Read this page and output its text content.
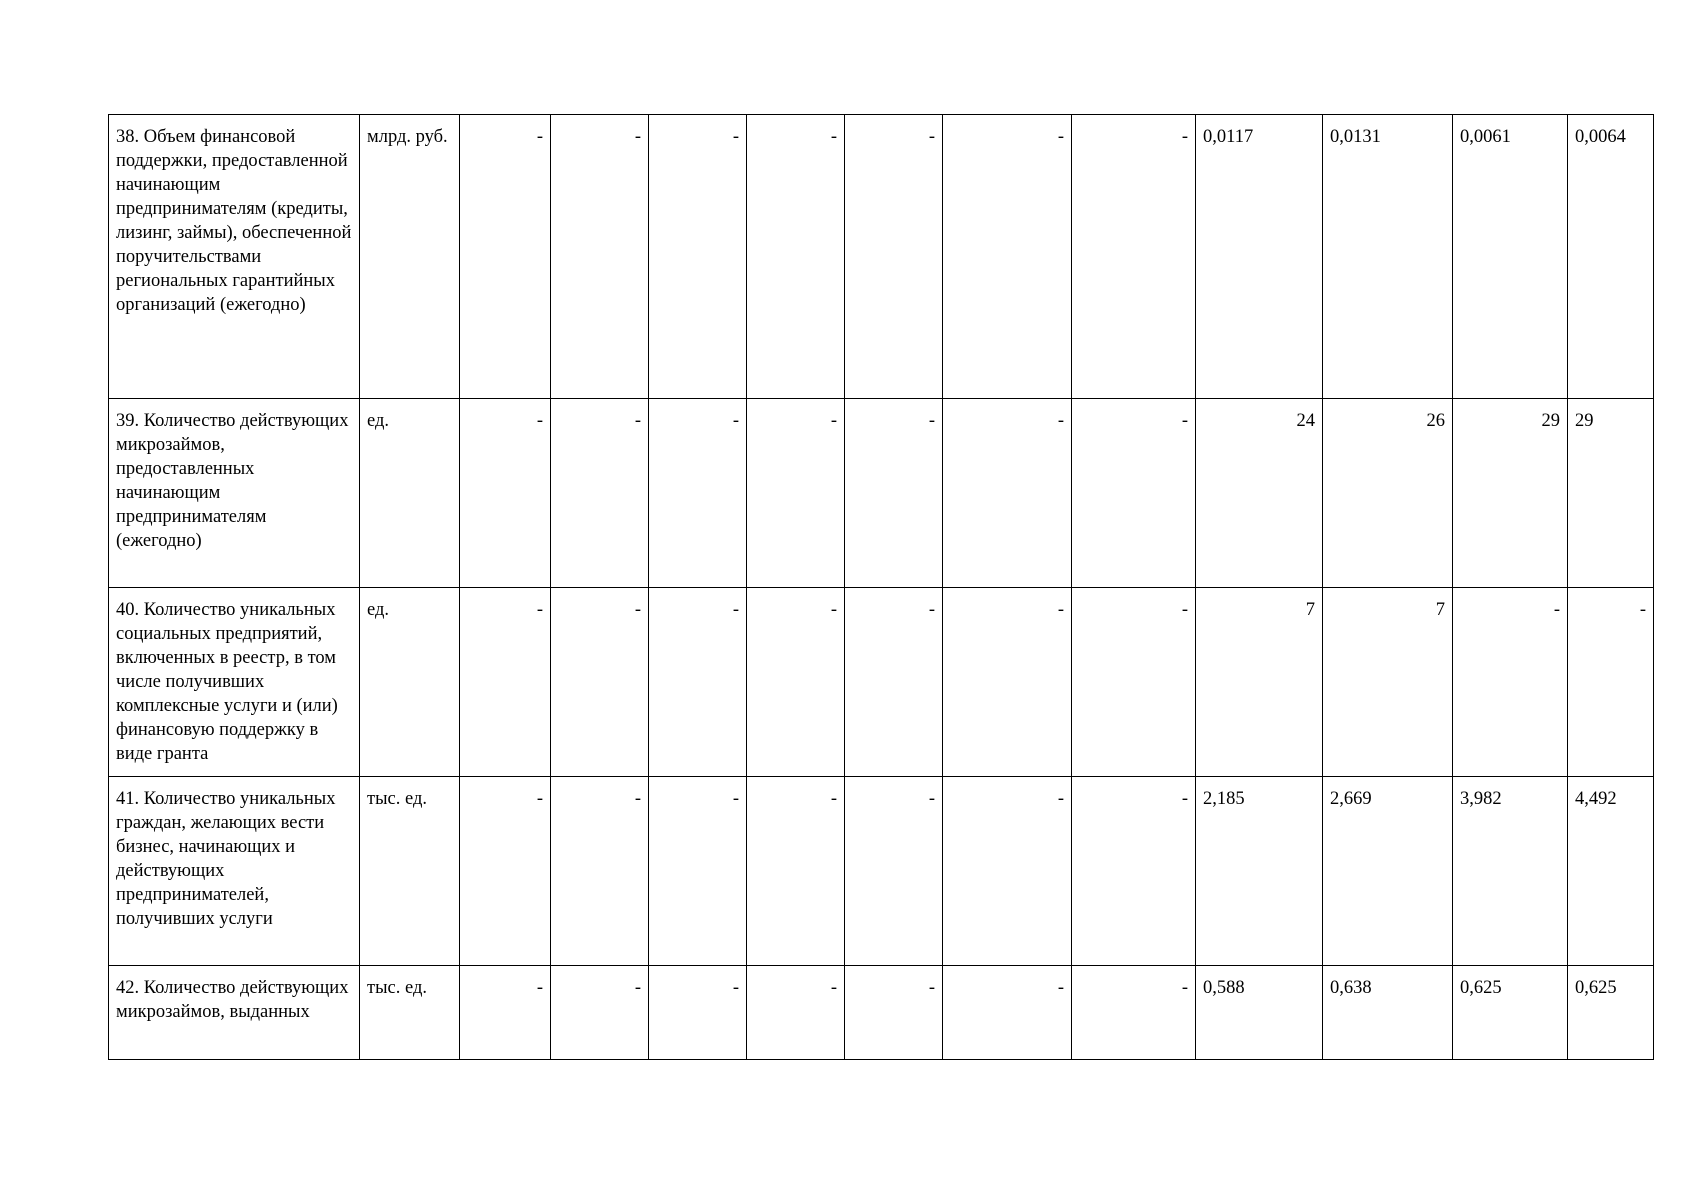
38. Объем финансовой поддержки, предоставленной начинающим предпринимателям (кредиты, лизинг, займы), обеспеченной поручительствами региональных гарантийных организаций (ежегодно)	млрд. руб.	-	-	-	-	-	-	-	0,0117	0,0131	0,0061	0,0064
39. Количество действующих микрозаймов, предоставленных начинающим предпринимателям (ежегодно)	ед.	-	-	-	-	-	-	-	24	26	29	29
40. Количество уникальных социальных предприятий, включенных в реестр, в том числе получивших комплексные услуги и (или) финансовую поддержку в виде гранта	ед.	-	-	-	-	-	-	-	7	7	-	-
41. Количество уникальных граждан, желающих вести бизнес, начинающих и действующих предпринимателей, получивших услуги	тыс. ед.	-	-	-	-	-	-	-	2,185	2,669	3,982	4,492
42. Количество действующих микрозаймов, выданных	тыс. ед.	-	-	-	-	-	-	-	0,588	0,638	0,625	0,625
